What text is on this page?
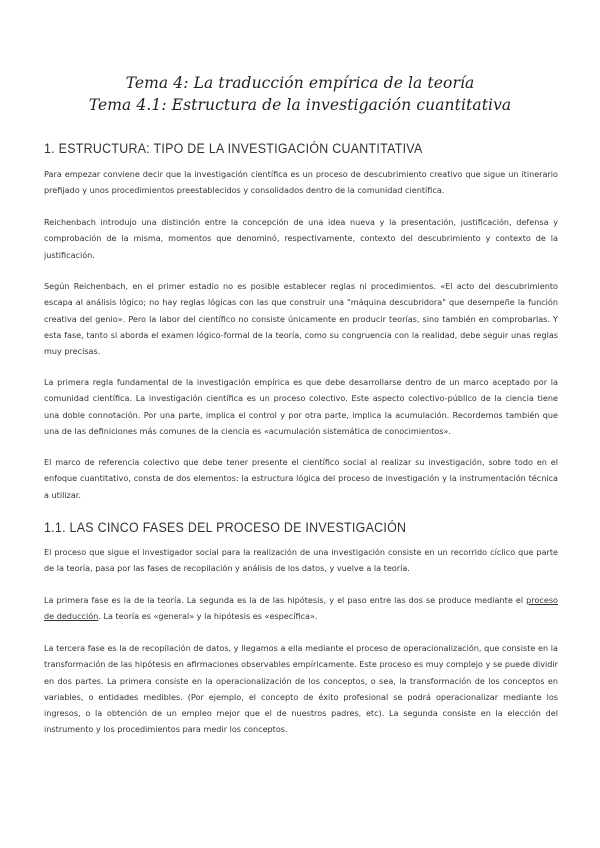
Tema 4: La traducción empírica de la teoría
Tema 4.1: Estructura de la investigación cuantitativa
1. ESTRUCTURA: TIPO DE LA INVESTIGACIÓN CUANTITATIVA

Para empezar conviene decir que la investigación científica es un proceso de descubrimiento creativo que sigue un itinerario prefijado y unos procedimientos preestablecidos y consolidados dentro de la comunidad científica.

Reichenbach introdujo una distinción entre la concepción de una idea nueva y la presentación, justificación, defensa y comprobación de la misma, momentos que denominó, respectivamente, contexto del descubrimiento y contexto de la justificación.

Según Reichenbach, en el primer estadio no es posible establecer reglas ni procedimientos. «El acto del descubrimiento escapa al análisis lógico; no hay reglas lógicas con las que construir una "máquina descubridora" que desempeñe la función creativa del genio». Pero la labor del científico no consiste únicamente en producir teorías, sino también en comprobarlas. Y esta fase, tanto si aborda el examen lógico-formal de la teoría, como su congruencia con la realidad, debe seguir unas reglas muy precisas.

La primera regla fundamental de la investigación empírica es que debe desarrollarse dentro de un marco aceptado por la comunidad científica. La investigación científica es un proceso colectivo. Este aspecto colectivo-público de la ciencia tiene una doble connotación. Por una parte, implica el control y por otra parte, implica la acumulación. Recordemos también que una de las definiciones más comunes de la ciencia es «acumulación sistemática de conocimientos».

El marco de referencia colectivo que debe tener presente el científico social al realizar su investigación, sobre todo en el enfoque cuantitativo, consta de dos elementos: la estructura lógica del proceso de investigación y la instrumentación técnica a utilizar.

1.1. LAS CINCO FASES DEL PROCESO DE INVESTIGACIÓN

El proceso que sigue el investigador social para la realización de una investigación consiste en un recorrido cíclico que parte de la teoría, pasa por las fases de recopilación y análisis de los datos, y vuelve a la teoría.

La primera fase es la de la teoría. La segunda es la de las hipótesis, y el paso entre las dos se produce mediante el proceso de deducción. La teoría es «general» y la hipótesis es «específica».

La tercera fase es la de recopilación de datos, y llegamos a ella mediante el proceso de operacionalización, que consiste en la transformación de las hipótesis en afirmaciones observables empíricamente. Este proceso es muy complejo y se puede dividir en dos partes. La primera consiste en la operacionalización de los conceptos, o sea, la transformación de los conceptos en variables, o entidades medibles. (Por ejemplo, el concepto de éxito profesional se podrá operacionalizar mediante los ingresos, o la obtención de un empleo mejor que el de nuestros padres, etc). La segunda consiste en la elección del instrumento y los procedimientos para medir los conceptos.
